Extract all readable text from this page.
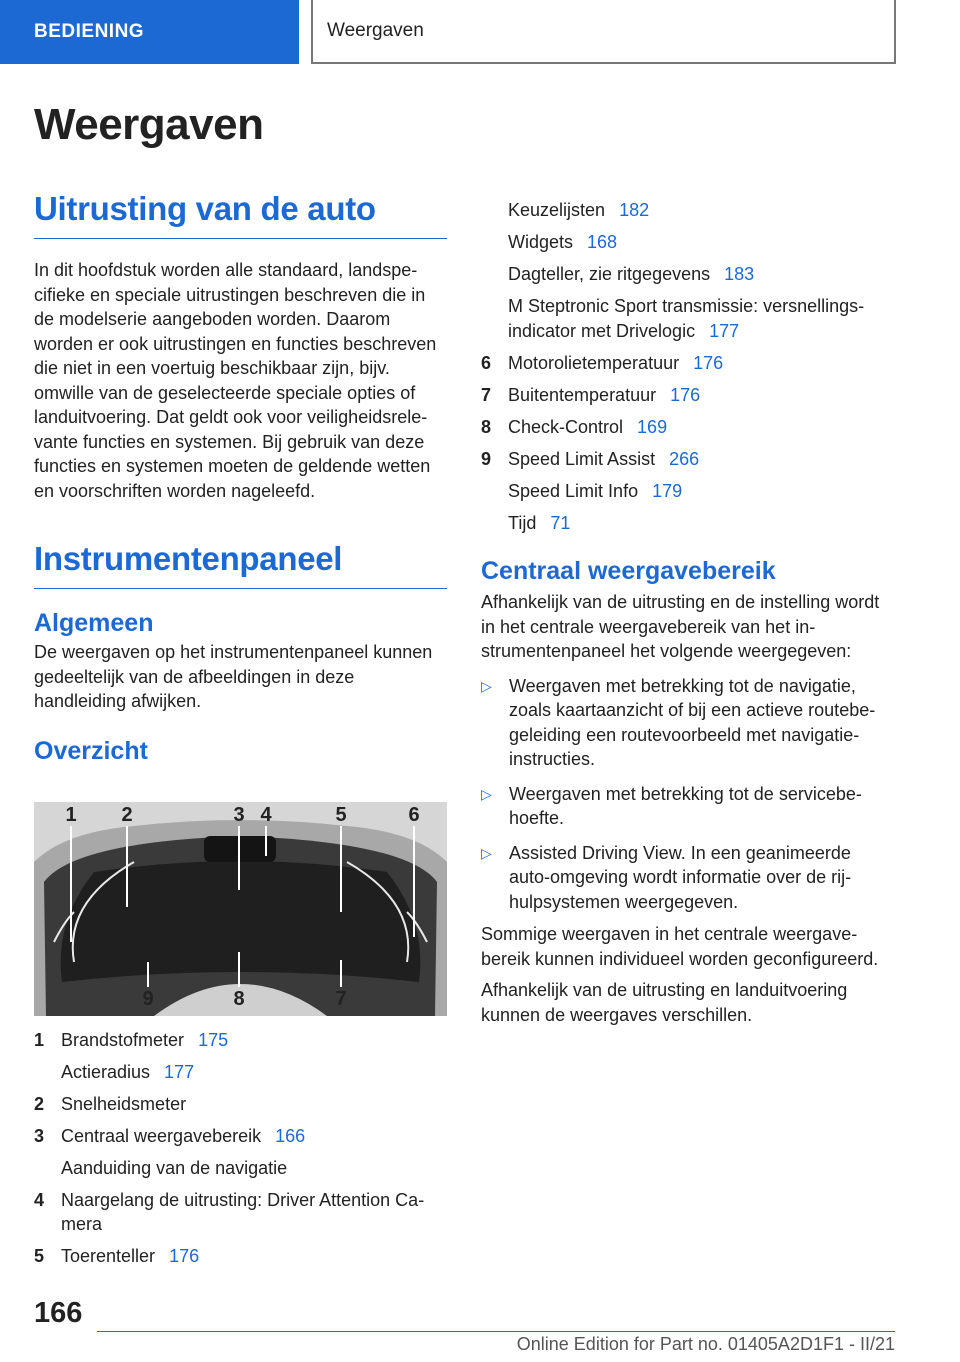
BEDIENING	Weergaven
Weergaven
Uitrusting van de auto

In dit hoofdstuk worden alle standaard, landspecifieke en speciale uitrustingen beschreven die in de modelserie aangeboden worden. Daarom worden er ook uitrustingen en functies beschreven die niet in een voertuig beschikbaar zijn, bijv. omwille van de geselecteerde speciale opties of landuitvoering. Dat geldt ook voor veiligheidsrelevante functies en systemen. Bij gebruik van deze functies en systemen moeten de geldende wetten en voorschriften worden nageleefd.

Instrumentenpaneel
Algemeen

De weergaven op het instrumentenpaneel kunnen gedeeltelijk van de afbeeldingen in deze handleiding afwijken.

Overzicht
1 Brandstofmeter 175
Actieradius 177
2 Snelheidsmeter
3 Centraal weergavebereik 166
Aanduiding van de navigatie
4 Naargelang de uitrusting: Driver Attention Camera
5 Toerenteller 176
1	2	3 4	5	6
9	8	7
Keuzelijsten 182
Widgets 168
Dagteller, zie ritgegevens 183
M Steptronic Sport transmissie: versnellingsindicator met Drivelogic 177
6 Motorolietemperatuur 176
7 Buitentemperatuur 176
8 Check-Control 169
9 Speed Limit Assist 266
Speed Limit Info 179
Tijd 71
Centraal weergavebereik

Afhankelijk van de uitrusting en de instelling wordt in het centrale weergavebereik van het instrumentenpaneel het volgende weergegeven:

▷ Weergaven met betrekking tot de navigatie, zoals kaartaanzicht of bij een actieve routebegeleiding een routevoorbeeld met navigatieinstructies.
▷ Weergaven met betrekking tot de servicebehoefte.
▷ Assisted Driving View. In een geanimeerde auto-omgeving wordt informatie over de rijhulpsystemen weergegeven.

Sommige weergaven in het centrale weergavebereik kunnen individueel worden geconfigureerd.

Afhankelijk van de uitrusting en landuitvoering kunnen de weergaves verschillen.

166
Online Edition for Part no. 01405A2D1F1 - II/21
